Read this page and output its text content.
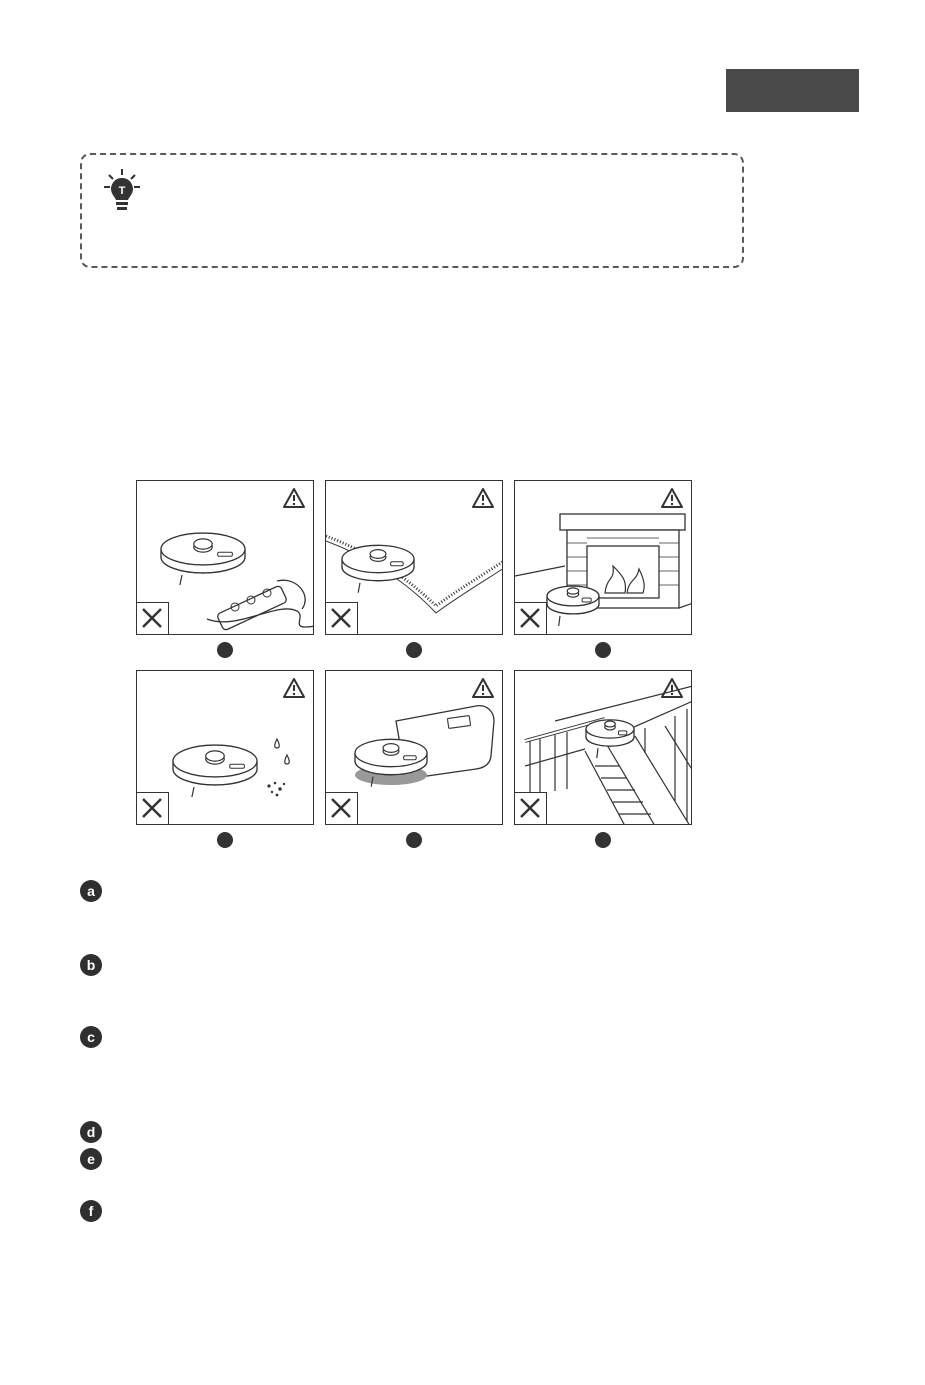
T
a
b
c
d
e
f
